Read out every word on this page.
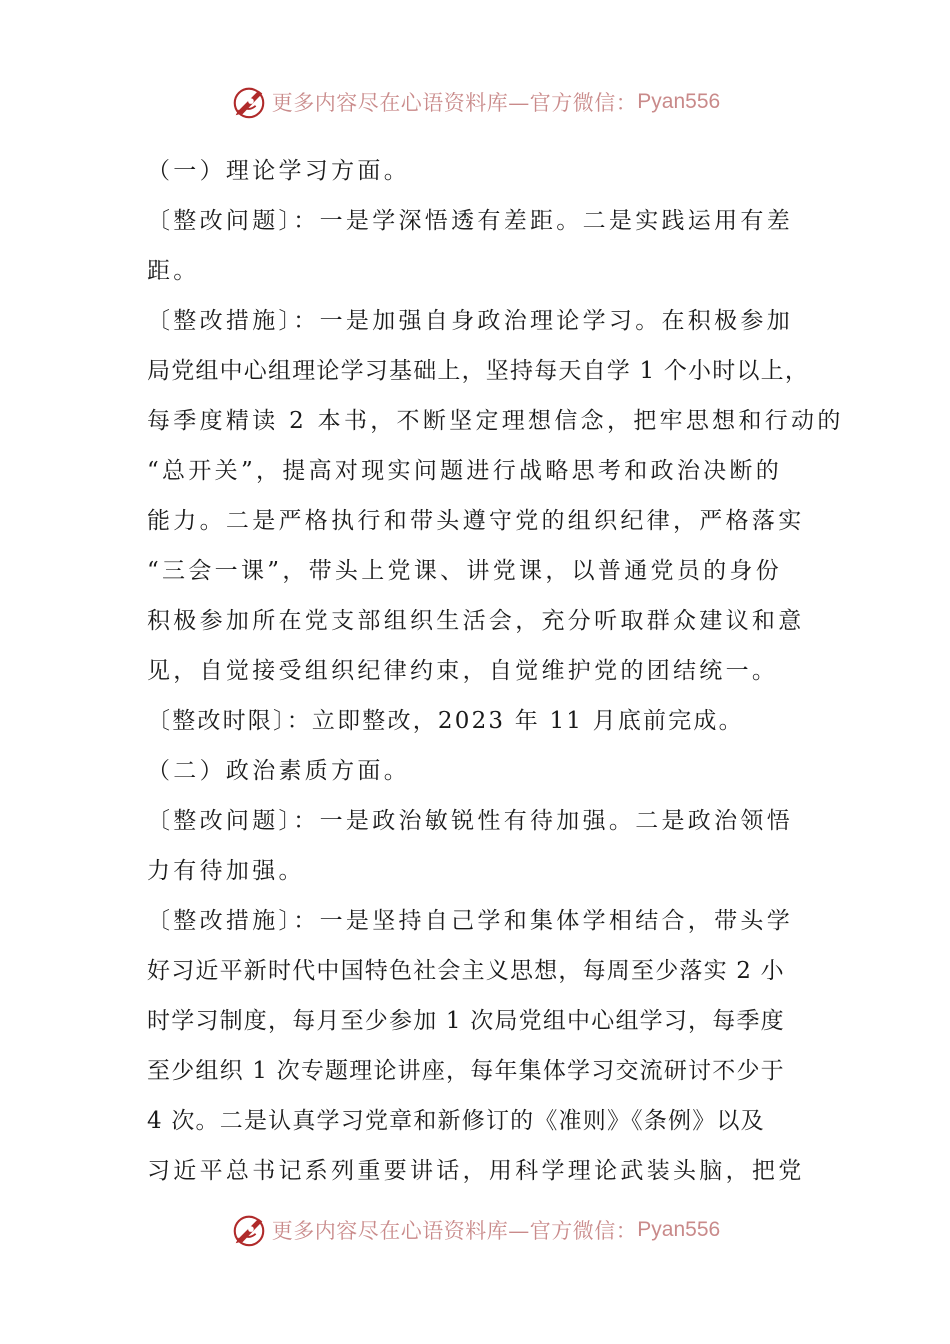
更多内容尽在心语资料库—官方微信： Pyan556
（一）理论学习方面。
〔整改问题〕：一是学深悟透有差距。二是实践运用有差
距。
〔整改措施〕：一是加强自身政治理论学习。在积极参加
局党组中心组理论学习基础上，坚持每天自学 1 个小时以上，
每季度精读 2 本书，不断坚定理想信念，把牢思想和行动的
“总开关”，提高对现实问题进行战略思考和政治决断的
能力。二是严格执行和带头遵守党的组织纪律，严格落实
“三会一课”，带头上党课、讲党课，以普通党员的身份
积极参加所在党支部组织生活会，充分听取群众建议和意
见，自觉接受组织纪律约束，自觉维护党的团结统一。
〔整改时限〕：立即整改，2023 年 11 月底前完成。
（二）政治素质方面。
〔整改问题〕：一是政治敏锐性有待加强。二是政治领悟
力有待加强。
〔整改措施〕：一是坚持自己学和集体学相结合，带头学
好习近平新时代中国特色社会主义思想，每周至少落实 2 小
时学习制度，每月至少参加 1 次局党组中心组学习，每季度
至少组织 1 次专题理论讲座，每年集体学习交流研讨不少于
4 次。二是认真学习党章和新修订的《准则》《条例》以及
习近平总书记系列重要讲话，用科学理论武装头脑，把党
更多内容尽在心语资料库—官方微信： Pyan556
